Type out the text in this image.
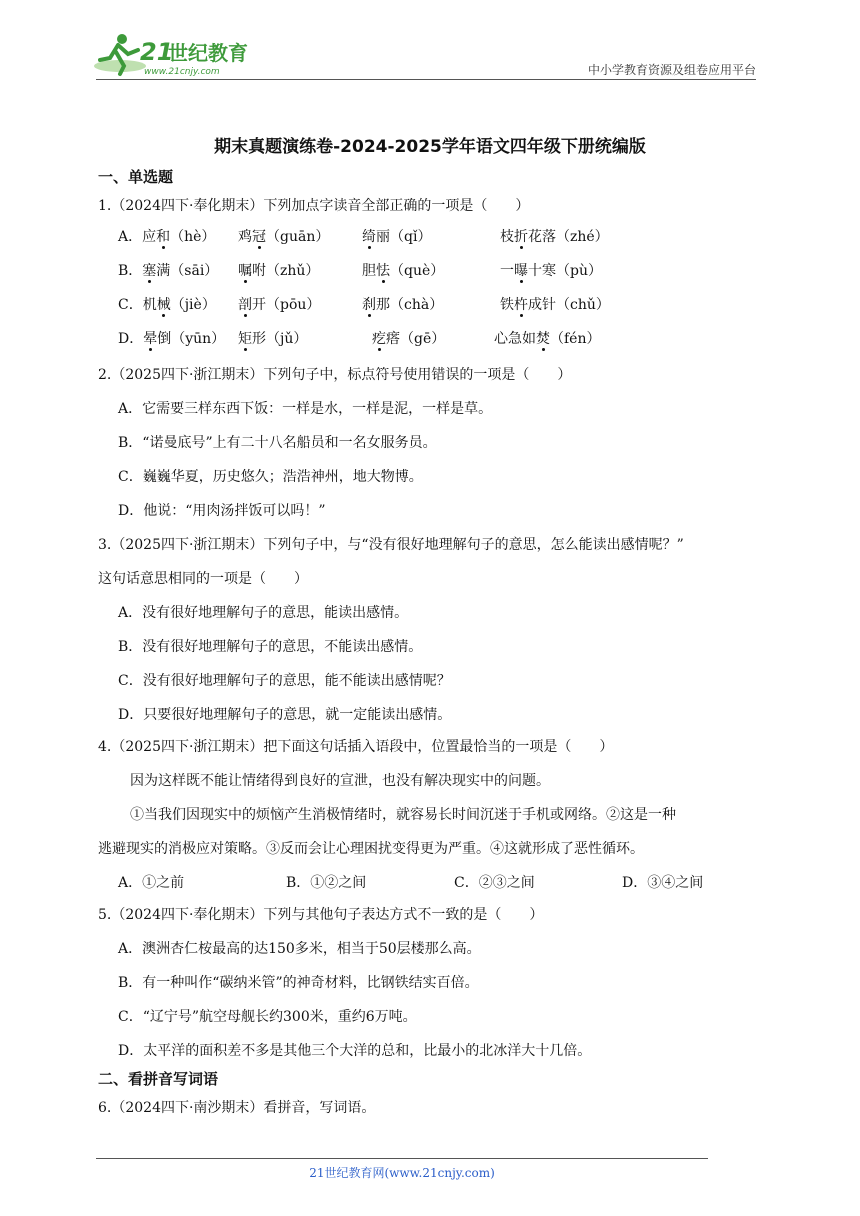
21
世纪教育
www.21cnjy.com	中小学教育资源及组卷应用平台
期末真题演练卷-2024-2025学年语文四年级下册统编版
一、单选题
1.（2024四下·奉化期末）下列加点字读音全部正确的一项是（　　）
A．应和（hè） 鸡冠（guān） 绮丽（qǐ）	枝折花落（zhé）
B．塞满（sāi） 嘱咐（zhǔ）	胆怯（què）	一曝十寒（pù）
C．机械（jiè） 剖开（pōu）	刹那（chà）	铁杵成针（chǔ）
D．晕倒（yūn） 矩形（jǔ）	疙瘩（gē）	心急如焚（fén）
2.（2025四下·浙江期末）下列句子中，标点符号使用错误的一项是（　　）
A．它需要三样东西下饭：一样是水，一样是泥，一样是草。
B．“诺曼底号”上有二十八名船员和一名女服务员。
C．巍巍华夏，历史悠久；浩浩神州，地大物博。
D．他说：“用肉汤拌饭可以吗！”
3.（2025四下·浙江期末）下列句子中，与“没有很好地理解句子的意思，怎么能读出感情呢？”
这句话意思相同的一项是（　　）
A．没有很好地理解句子的意思，能读出感情。
B．没有很好地理解句子的意思，不能读出感情。
C．没有很好地理解句子的意思，能不能读出感情呢？
D．只要很好地理解句子的意思，就一定能读出感情。
4.（2025四下·浙江期末）把下面这句话插入语段中，位置最恰当的一项是（　　）
因为这样既不能让情绪得到良好的宣泄，也没有解决现实中的问题。
①当我们因现实中的烦恼产生消极情绪时，就容易长时间沉迷于手机或网络。②这是一种
逃避现实的消极应对策略。③反而会让心理困扰变得更为严重。④这就形成了恶性循环。
A．①之前	B．①②之间	C．②③之间	D．③④之间
5.（2024四下·奉化期末）下列与其他句子表达方式不一致的是（　　）
A．澳洲杏仁桉最高的达150多米，相当于50层楼那么高。
B．有一种叫作“碳纳米管”的神奇材料，比钢铁结实百倍。
C．“辽宁号”航空母舰长约300米，重约6万吨。
D．太平洋的面积差不多是其他三个大洋的总和，比最小的北冰洋大十几倍。
二、看拼音写词语
6.（2024四下·南沙期末）看拼音，写词语。
21世纪教育网(www.21cnjy.com)
